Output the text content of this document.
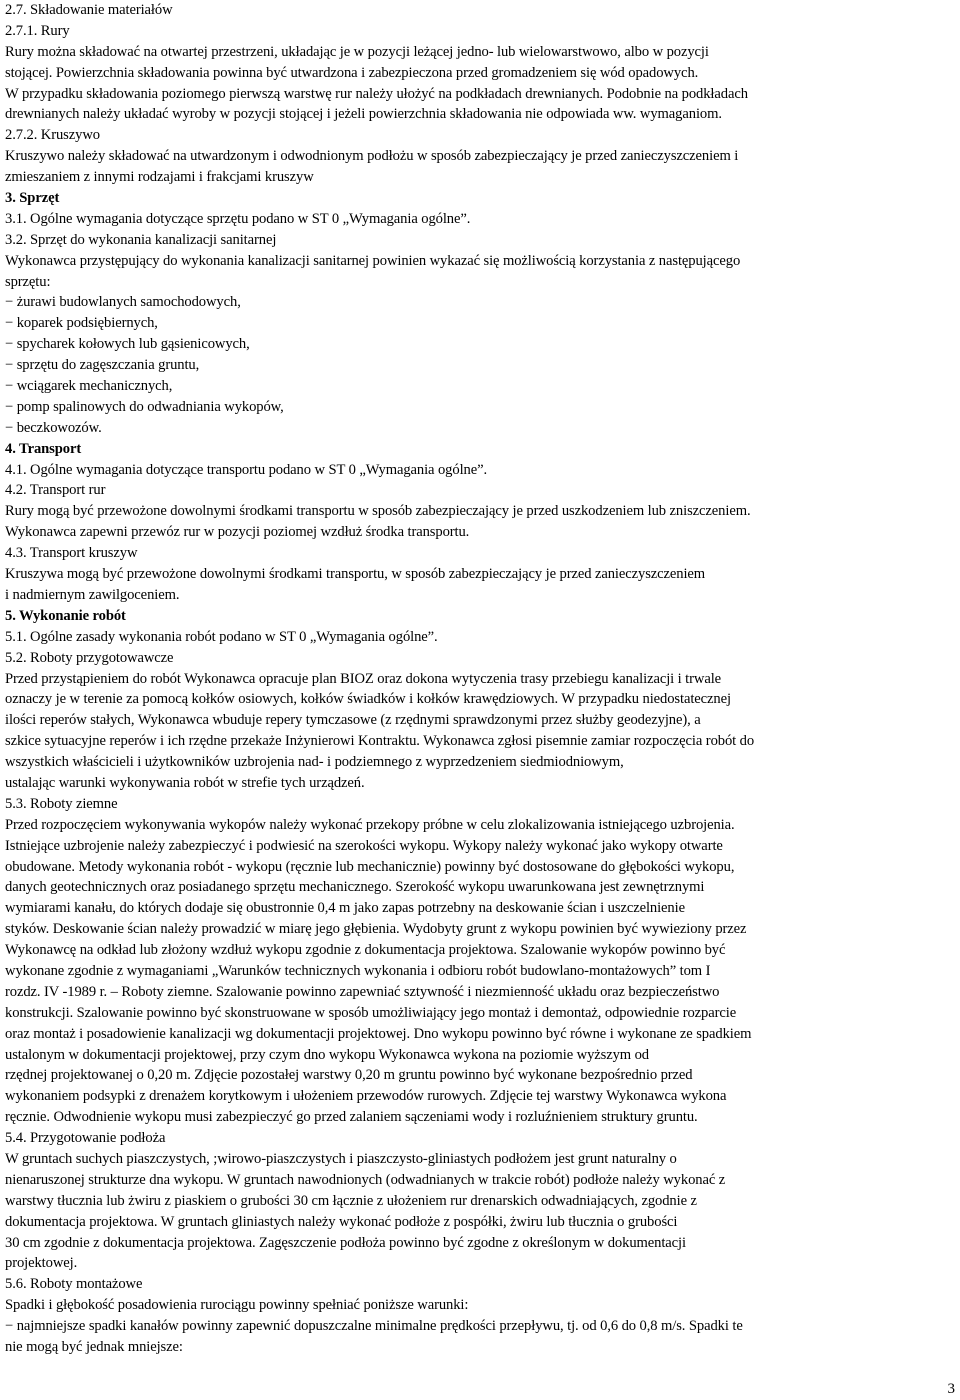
2.7. Składowanie materiałów
2.7.1. Rury
Rury można składować na otwartej przestrzeni, układając je w pozycji leżącej jedno- lub wielowarstwowo, albo w pozycji
stojącej. Powierzchnia składowania powinna być utwardzona i zabezpieczona przed gromadzeniem się wód opadowych.
W przypadku składowania poziomego pierwszą warstwę rur należy ułożyć na podkładach drewnianych. Podobnie na podkładach
drewnianych należy układać wyroby w pozycji stojącej i jeżeli powierzchnia składowania nie odpowiada ww. wymaganiom.
2.7.2. Kruszywo
Kruszywo należy składować na utwardzonym i odwodnionym podłożu w sposób zabezpieczający je przed zanieczyszczeniem i
zmieszaniem z innymi rodzajami i frakcjami kruszyw
3. Sprzęt
3.1. Ogólne wymagania dotyczące sprzętu podano w ST 0 „Wymagania ogólne”.
3.2. Sprzęt do wykonania kanalizacji sanitarnej
Wykonawca przystępujący do wykonania kanalizacji sanitarnej powinien wykazać się możliwością korzystania z następującego
sprzętu:
− żurawi budowlanych samochodowych,
− koparek podsiębiernych,
− spycharek kołowych lub gąsienicowych,
− sprzętu do zagęszczania gruntu,
− wciągarek mechanicznych,
− pomp spalinowych do odwadniania wykopów,
− beczkowozów.
4. Transport
4.1. Ogólne wymagania dotyczące transportu podano w ST 0 „Wymagania ogólne”.
4.2. Transport rur
Rury mogą być przewożone dowolnymi środkami transportu w sposób zabezpieczający je przed uszkodzeniem lub zniszczeniem.
Wykonawca zapewni przewóz rur w pozycji poziomej wzdłuż środka transportu.
4.3. Transport kruszyw
Kruszywa mogą być przewożone dowolnymi środkami transportu, w sposób zabezpieczający je przed zanieczyszczeniem
i nadmiernym zawilgoceniem.
5. Wykonanie robót
5.1. Ogólne zasady wykonania robót podano w ST 0 „Wymagania ogólne”.
5.2. Roboty przygotowawcze
Przed przystąpieniem do robót Wykonawca opracuje plan BIOZ oraz dokona wytyczenia trasy przebiegu kanalizacji i trwale
oznaczy je w terenie za pomocą kołków osiowych, kołków świadków i kołków krawędziowych. W przypadku niedostatecznej
ilości reperów stałych, Wykonawca wbuduje repery tymczasowe (z rzędnymi sprawdzonymi przez służby geodezyjne), a
szkice sytuacyjne reperów i ich rzędne przekaże Inżynierowi Kontraktu. Wykonawca zgłosi pisemnie zamiar rozpoczęcia robót do
wszystkich właścicieli i użytkowników uzbrojenia nad- i podziemnego z wyprzedzeniem siedmiodniowym,
ustalając warunki wykonywania robót w strefie tych urządzeń.
5.3. Roboty ziemne
Przed rozpoczęciem wykonywania wykopów należy wykonać przekopy próbne w celu zlokalizowania istniejącego uzbrojenia.
Istniejące uzbrojenie należy zabezpieczyć i podwiesić na szerokości wykopu. Wykopy należy wykonać jako wykopy otwarte
obudowane. Metody wykonania robót - wykopu (ręcznie lub mechanicznie) powinny być dostosowane do głębokości wykopu,
danych geotechnicznych oraz posiadanego sprzętu mechanicznego. Szerokość wykopu uwarunkowana jest zewnętrznymi
wymiarami kanału, do których dodaje się obustronnie 0,4 m jako zapas potrzebny na deskowanie ścian i uszczelnienie
styków. Deskowanie ścian należy prowadzić w miarę jego głębienia. Wydobyty grunt z wykopu powinien być wywieziony przez
Wykonawcę na odkład lub złożony wzdłuż wykopu zgodnie z dokumentacja projektowa. Szalowanie wykopów powinno być
wykonane zgodnie z wymaganiami „Warunków technicznych wykonania i odbioru robót budowlano-montażowych” tom I
rozdz. IV -1989 r. – Roboty ziemne. Szalowanie powinno zapewniać sztywność i niezmienność układu oraz bezpieczeństwo
konstrukcji. Szalowanie powinno być skonstruowane w sposób umożliwiający jego montaż i demontaż, odpowiednie rozparcie
oraz montaż i posadowienie kanalizacji wg dokumentacji projektowej. Dno wykopu powinno być równe i wykonane ze spadkiem
ustalonym w dokumentacji projektowej, przy czym dno wykopu Wykonawca wykona na poziomie wyższym od
rzędnej projektowanej o 0,20 m. Zdjęcie pozostałej warstwy 0,20 m gruntu powinno być wykonane bezpośrednio przed
wykonaniem podsypki z drenażem korytkowym i ułożeniem przewodów rurowych. Zdjęcie tej warstwy Wykonawca wykona
ręcznie. Odwodnienie wykopu musi zabezpieczyć go przed zalaniem sączeniami wody i rozluźnieniem struktury gruntu.
5.4. Przygotowanie podłoża
W gruntach suchych piaszczystych, ;wirowo-piaszczystych i piaszczysto-gliniastych podłożem jest grunt naturalny o
nienaruszonej strukturze dna wykopu. W gruntach nawodnionych (odwadnianych w trakcie robót) podłoże należy wykonać z
warstwy tłucznia lub żwiru z piaskiem o grubości 30 cm łącznie z ułożeniem rur drenarskich odwadniających, zgodnie z
dokumentacja projektowa. W gruntach gliniastych należy wykonać podłoże z pospółki, żwiru lub tłucznia o grubości
30 cm zgodnie z dokumentacja projektowa. Zagęszczenie podłoża powinno być zgodne z określonym w dokumentacji
projektowej.
5.6. Roboty montażowe
Spadki i głębokość posadowienia rurociągu powinny spełniać poniższe warunki:
− najmniejsze spadki kanałów powinny zapewnić dopuszczalne minimalne prędkości przepływu, tj. od 0,6 do 0,8 m/s. Spadki te
nie mogą być jednak mniejsze:
3
